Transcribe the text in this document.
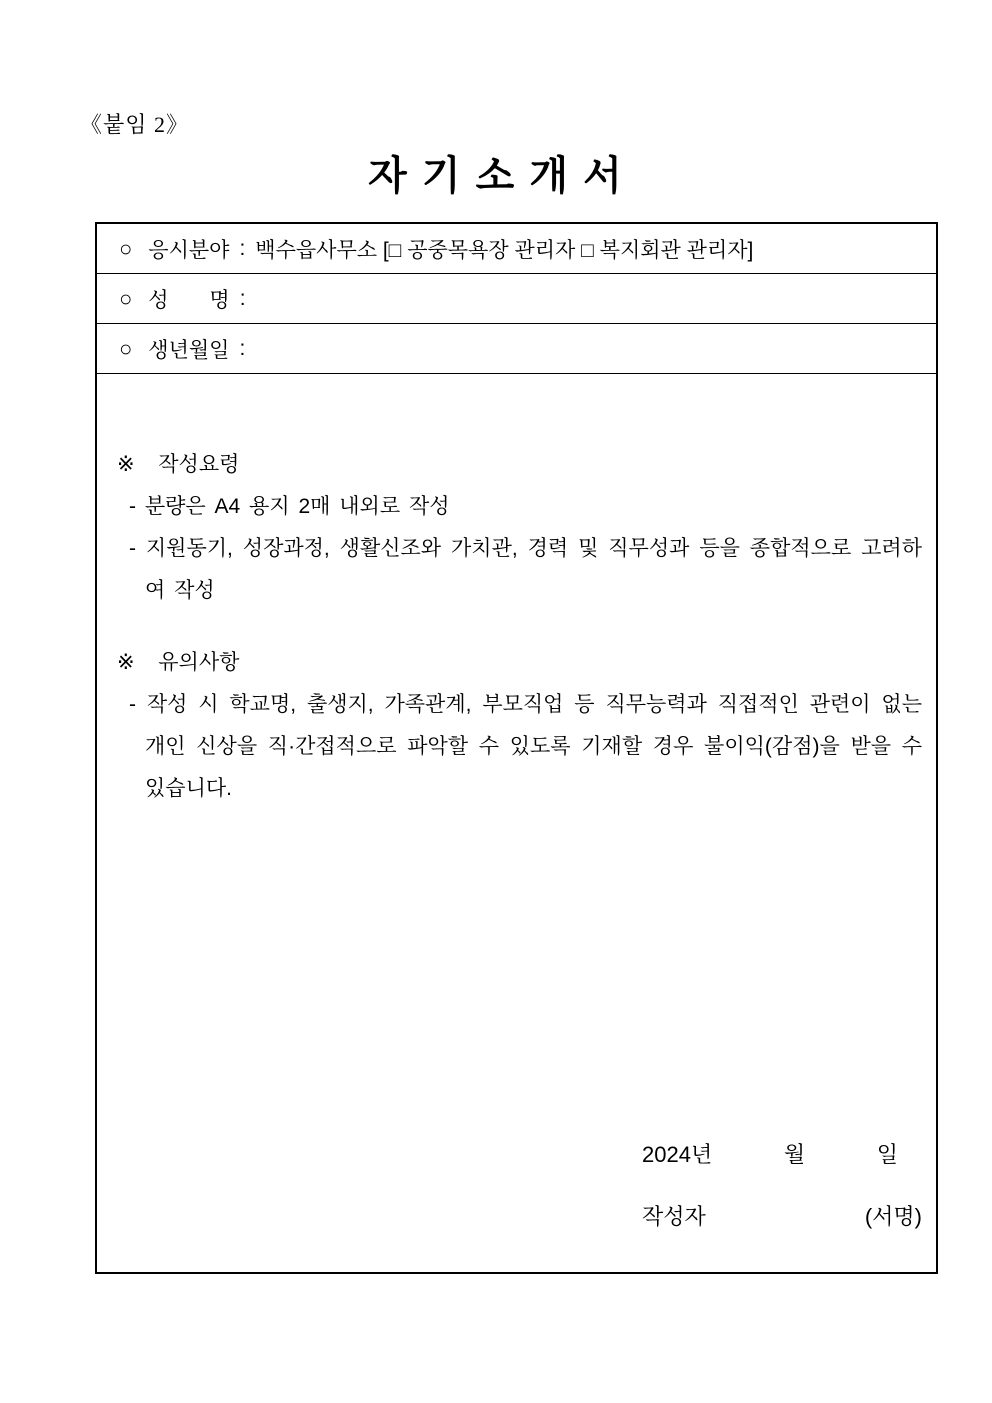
《붙임 2》
자 기 소 개 서
○ 응시분야 : 백수읍사무소 [□ 공중목욕장 관리자 □ 복지회관 관리자]
○ 성       명 :
○ 생년월일 :
※  작성요령
- 분량은 A4 용지 2매 내외로 작성
- 지원동기, 성장과정, 생활신조와 가치관, 경력 및 직무성과 등을 종합적으로 고려하여 작성
※  유의사항
- 작성 시 학교명, 출생지, 가족관계, 부모직업 등 직무능력과 직접적인 관련이 없는 개인 신상을 직·간접적으로 파악할 수 있도록 기재할 경우 불이익(감점)을 받을 수 있습니다.
2024년	월	일
작성자	(서명)
